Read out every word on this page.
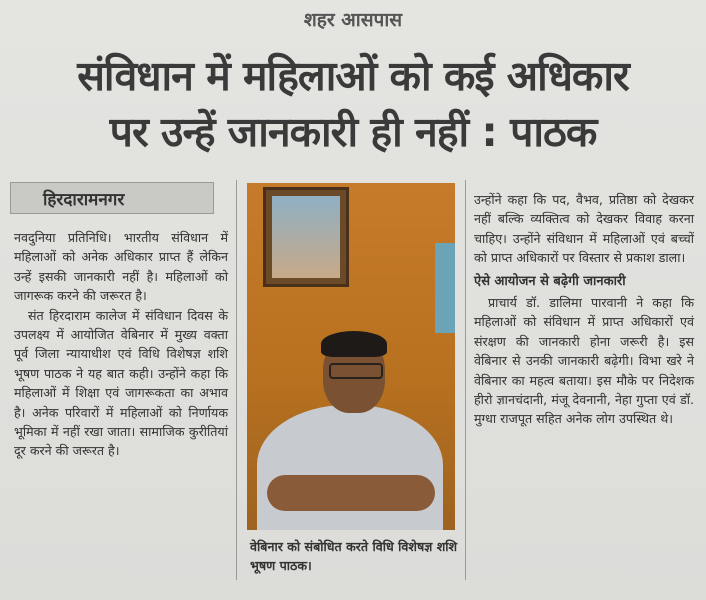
शहर आसपास
संविधान में महिलाओं को कई अधिकार
पर उन्हें जानकारी ही नहीं : पाठक
हिरदारामनगर

नवदुनिया प्रतिनिधि। भारतीय संविधान में महिलाओं को अनेक अधिकार प्राप्त हैं लेकिन उन्हें इसकी जानकारी नहीं है। महिलाओं को जागरूक करने की जरूरत है।

संत हिरदाराम कालेज में संविधान दिवस के उपलक्ष्य में आयोजित वेबिनार में मुख्य वक्ता पूर्व जिला न्यायाधीश एवं विधि विशेषज्ञ शशि भूषण पाठक ने यह बात कही। उन्होंने कहा कि महिलाओं में शिक्षा एवं जागरूकता का अभाव है। अनेक परिवारों में महिलाओं को निर्णायक भूमिका में नहीं रखा जाता। सामाजिक कुरीतियां दूर करने की जरूरत है।

वेबिनार को संबोधित करते विधि विशेषज्ञ शशि भूषण पाठक।

उन्होंने कहा कि पद, वैभव, प्रतिष्ठा को देखकर नहीं बल्कि व्यक्तित्व को देखकर विवाह करना चाहिए। उन्होंने संविधान में महिलाओं एवं बच्चों को प्राप्त अधिकारों पर विस्तार से प्रकाश डाला।

ऐसे आयोजन से बढ़ेगी जानकारी

प्राचार्य डॉ. डालिमा पारवानी ने कहा कि महिलाओं को संविधान में प्राप्त अधिकारों एवं संरक्षण की जानकारी होना जरूरी है। इस वेबिनार से उनकी जानकारी बढ़ेगी। विभा खरे ने वेबिनार का महत्व बताया। इस मौके पर निदेशक हीरो ज्ञानचंदानी, मंजू देवनानी, नेहा गुप्ता एवं डॉ. मुग्धा राजपूत सहित अनेक लोग उपस्थित थे।
